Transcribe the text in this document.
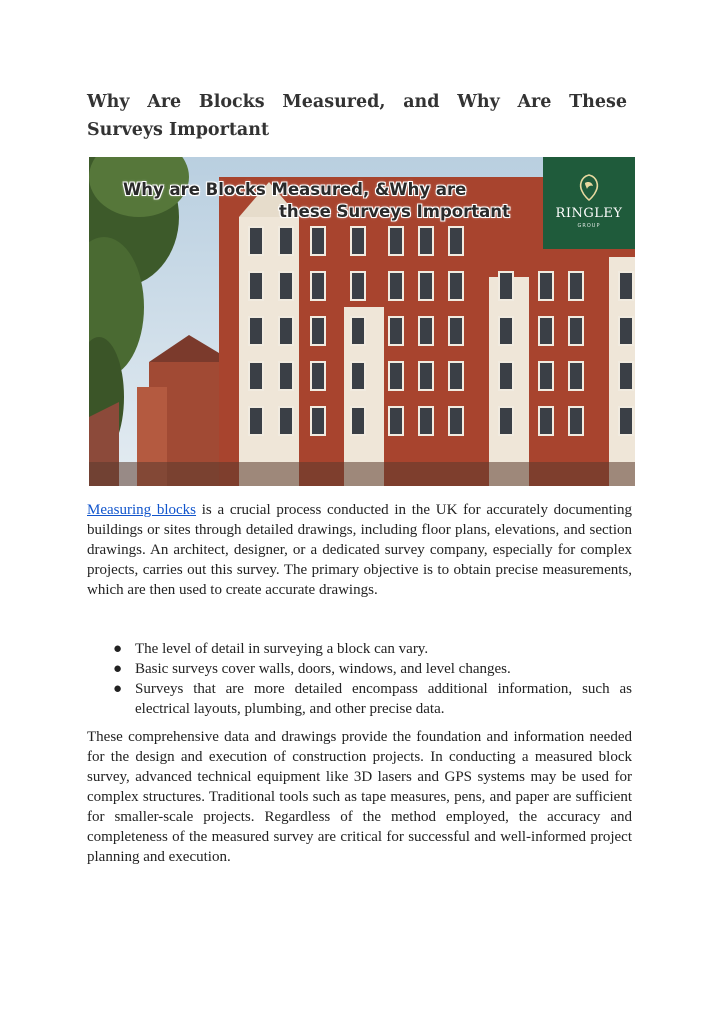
Why Are Blocks Measured, and Why Are These Surveys Important
Why are Blocks Measured, &Why are
these Surveys Important	RINGLEY
GROUP

Measuring blocks is a crucial process conducted in the UK for accurately documenting buildings or sites through detailed drawings, including floor plans, elevations, and section drawings. An architect, designer, or a dedicated survey company, especially for complex projects, carries out this survey. The primary objective is to obtain precise measurements, which are then used to create accurate drawings.

● The level of detail in surveying a block can vary.
● Basic surveys cover walls, doors, windows, and level changes.
● Surveys that are more detailed encompass additional information, such as electrical layouts, plumbing, and other precise data.

These comprehensive data and drawings provide the foundation and information needed for the design and execution of construction projects. In conducting a measured block survey, advanced technical equipment like 3D lasers and GPS systems may be used for complex structures. Traditional tools such as tape measures, pens, and paper are sufficient for smaller-scale projects. Regardless of the method employed, the accuracy and completeness of the measured survey are critical for successful and well-informed project planning and execution.
